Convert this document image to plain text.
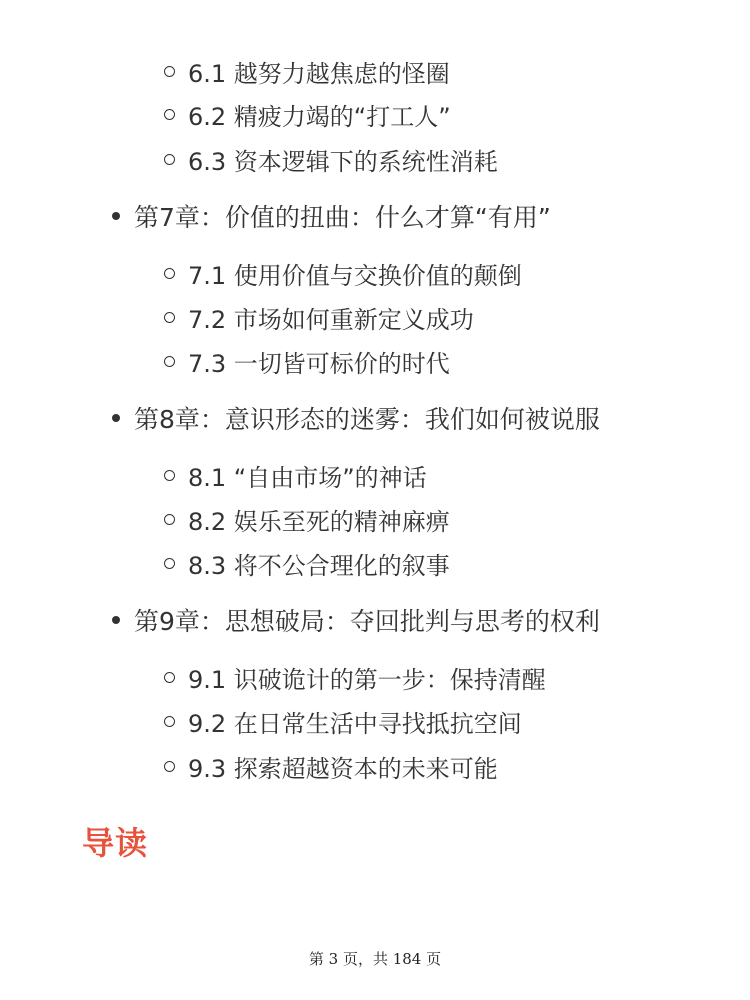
6.1 越努力越焦虑的怪圈
6.2 精疲力竭的“打工人”
6.3 资本逻辑下的系统性消耗
第7章：价值的扭曲：什么才算“有用”
7.1 使用价值与交换价值的颠倒
7.2 市场如何重新定义成功
7.3 一切皆可标价的时代
第8章：意识形态的迷雾：我们如何被说服
8.1 “自由市场”的神话
8.2 娱乐至死的精神麻痹
8.3 将不公合理化的叙事
第9章：思想破局：夺回批判与思考的权利
9.1 识破诡计的第一步：保持清醒
9.2 在日常生活中寻找抵抗空间
9.3 探索超越资本的未来可能
导读
第 3 页，共 184 页
